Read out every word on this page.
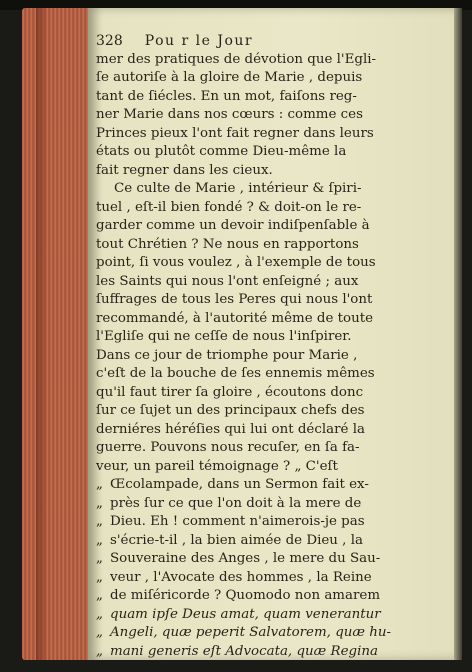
328 Pou r le Jour
mer des pratiques de dévotion que l'Egli-
ſe autoriſe à la gloire de Marie , depuis
tant de ſiécles. En un mot, faiſons reg-
ner Marie dans nos cœurs : comme ces
Princes pieux l'ont fait regner dans leurs
états ou plutôt comme Dieu-même la
fait regner dans les cieux.
Ce culte de Marie , intérieur & ſpiri-
tuel , eſt-il bien fondé ? & doit-on le re-
garder comme un devoir indiſpenſable à
tout Chrétien ? Ne nous en rapportons
point, ſi vous voulez , à l'exemple de tous
les Saints qui nous l'ont enſeigné ; aux
ſuffrages de tous les Peres qui nous l'ont
recommandé, à l'autorité même de toute
l'Egliſe qui ne ceſſe de nous l'inſpirer.
Dans ce jour de triomphe pour Marie ,
c'eſt de la bouche de ſes ennemis mêmes
qu'il faut tirer ſa gloire , écoutons donc
ſur ce ſujet un des principaux chefs des
derniéres héréſies qui lui ont déclaré la
guerre. Pouvons nous recuſer, en ſa fa-
veur, un pareil témoignage ? „ C'eſt
„ Œcolampade, dans un Sermon fait ex-
„ près ſur ce que l'on doit à la mere de
„ Dieu. Eh ! comment n'aimerois-je pas
„ s'écrie-t-il , la bien aimée de Dieu , la
„ Souveraine des Anges , le mere du Sau-
„ veur , l'Avocate des hommes , la Reine
„ de miſéricorde ? Quomodo non amarem
„ quam ipſe Deus amat, quam venerantur
„ Angeli, quæ peperit Salvatorem, quæ hu-
„ mani generis eſt Advocata, quæ Regina
